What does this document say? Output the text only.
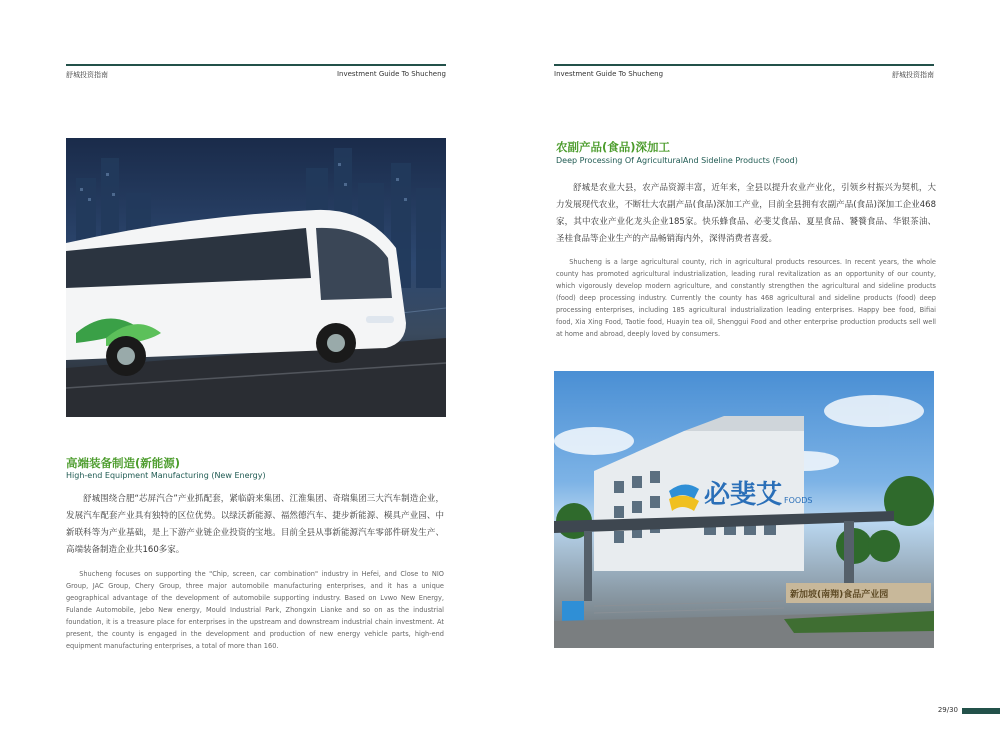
舒城投资指南	Investment Guide To Shucheng
高端装备制造(新能源)
High-end Equipment Manufacturing (New Energy)

舒城围绕合肥“芯屏汽合”产业抓配套，紧临蔚来集团、江淮集团、奇瑞集团三大汽车制造企业，发展汽车配套产业具有独特的区位优势。以绿沃新能源、福然德汽车、捷步新能源、模具产业园、中新联科等为产业基础，是上下游产业链企业投资的宝地。目前全县从事新能源汽车零部件研发生产、高端装备制造企业共160多家。

Shucheng focuses on supporting the "Chip, screen, car combination" industry in Hefei, and Close to NIO Group, JAC Group, Chery Group, three major automobile manufacturing enterprises, and it has a unique geographical advantage of the development of automobile supporting industry. Based on Lvwo New Energy, Fulande Automobile, Jebo New energy, Mould Industrial Park, Zhongxin Lianke and so on as the industrial foundation, it is a treasure place for enterprises in the upstream and downstream industrial chain investment. At present, the county is engaged in the development and production of new energy vehicle parts, high-end equipment manufacturing enterprises, a total of more than 160.

Investment Guide To Shucheng	舒城投资指南
农副产品(食品)深加工
Deep Processing Of AgriculturalAnd Sideline Products (Food)

舒城是农业大县，农产品资源丰富，近年来，全县以提升农业产业化，引领乡村振兴为契机，大力发展现代农业，不断壮大农副产品(食品)深加工产业，目前全县拥有农副产品(食品)深加工企业468家，其中农业产业化龙头企业185家。快乐蜂食品、必斐艾食品、夏星食品、饕餮食品、华银茶油、圣桂食品等企业生产的产品畅销海内外，深得消费者喜爱。

Shucheng is a large agricultural county, rich in agricultural products resources. In recent years, the whole county has promoted agricultural industrialization, leading rural revitalization as an opportunity of our county, which vigorously develop modern agriculture, and constantly strengthen the agricultural and sideline products (food) deep processing industry. Currently the county has 468 agricultural and sideline products (food) deep processing enterprises, including 185 agricultural industrialization leading enterprises. Happy bee food, Bifiai food, Xia Xing Food, Taotie food, Huayin tea oil, Shenggui Food and other enterprise production products sell well at home and abroad, deeply loved by consumers.

必斐艾 FOODS
新加坡(南翔)食品产业园
29/30
